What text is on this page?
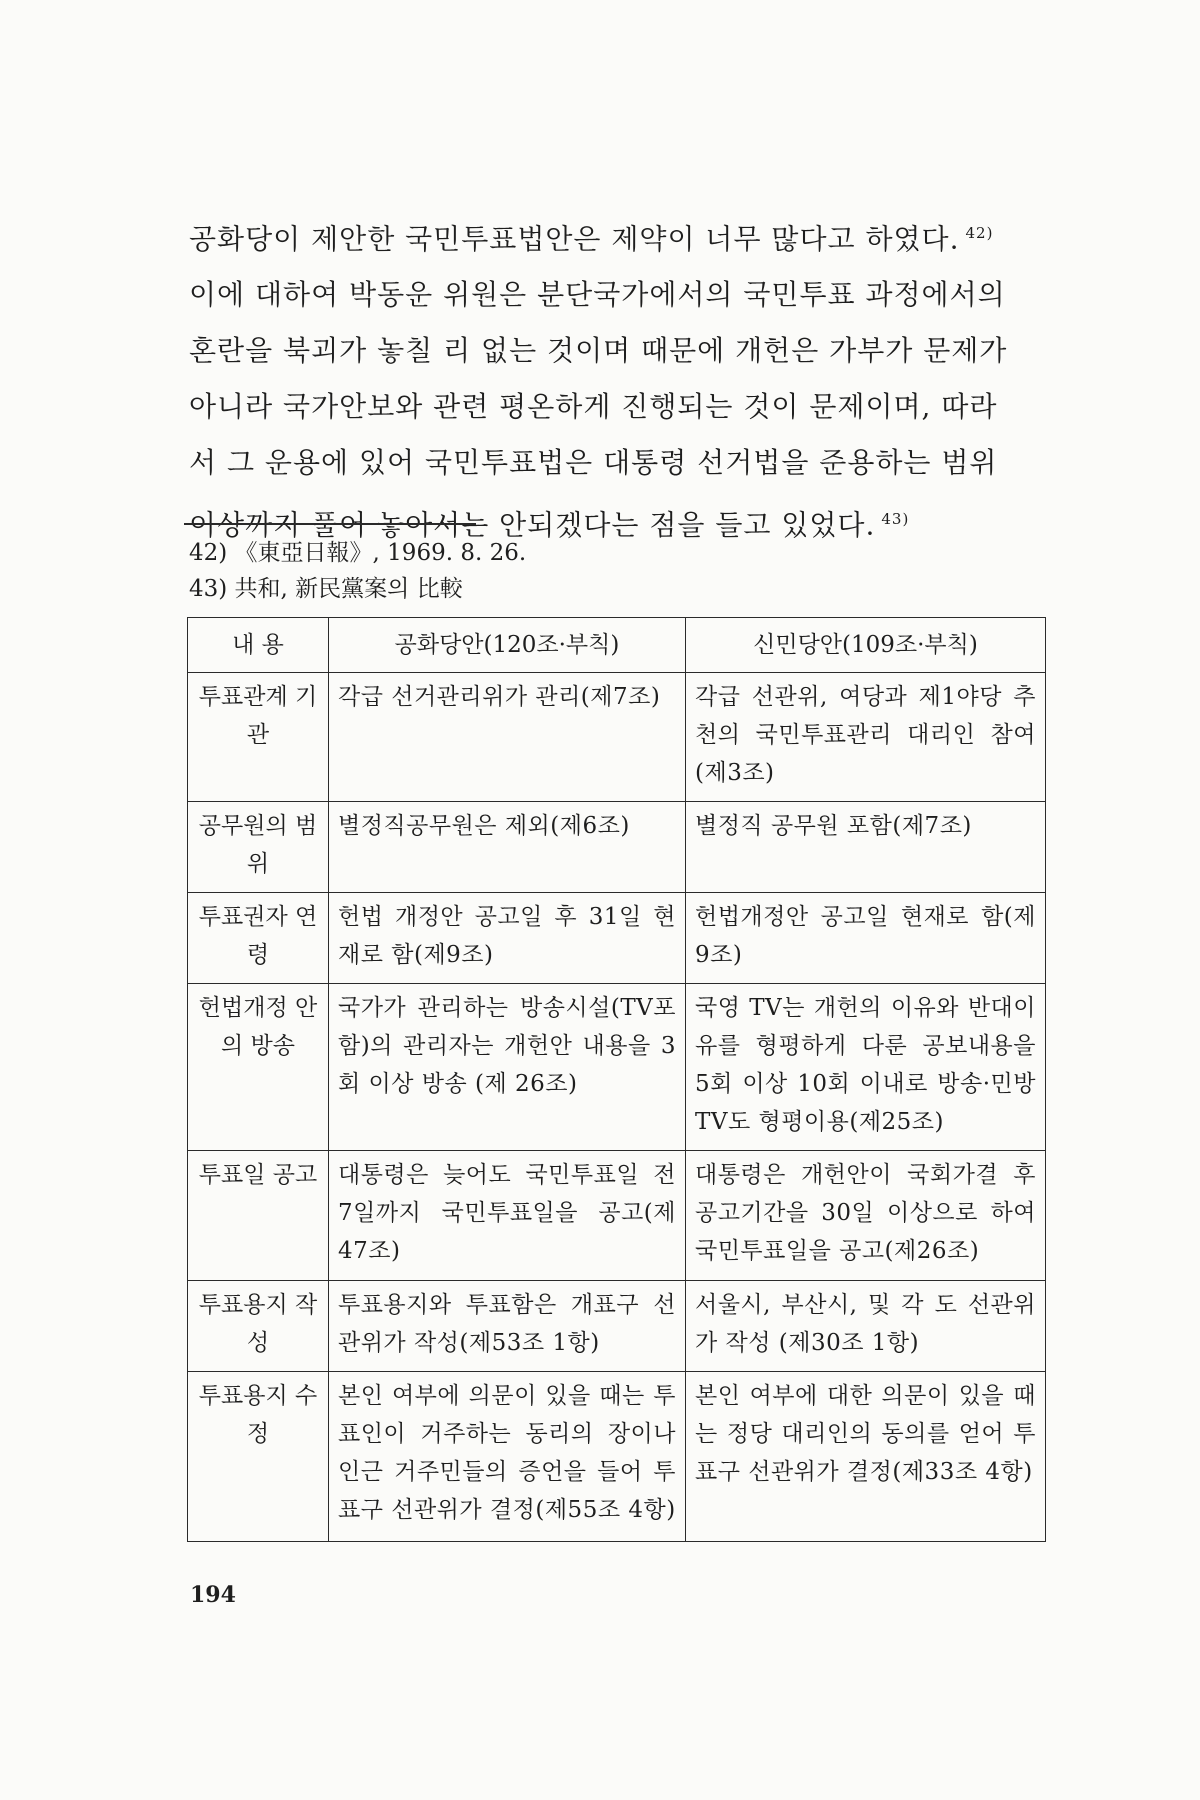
공화당이 제안한 국민투표법안은 제약이 너무 많다고 하였다. $^{42)}$

이에 대하여 박동운 위원은 분단국가에서의 국민투표 과정에서의

혼란을 북괴가 놓칠 리 없는 것이며 때문에 개헌은 가부가 문제가

아니라 국가안보와 관련 평온하게 진행되는 것이 문제이며, 따라

서 그 운용에 있어 국민투표법은 대통령 선거법을 준용하는 범위

이상까지 풀어 놓아서는 안되겠다는 점을 들고 있었다. $^{43)}$

42) 《東亞日報》, 1969. 8. 26.
43) 共和, 新民黨案의 比較
내 용	공화당안(120조·부칙)	신민당안(109조·부칙)
투표관계 기관	각급 선거관리위가 관리(제7조)	각급 선관위, 여당과 제1야당 추천의 국민투표관리 대리인 참여(제3조)
공무원의 범위	별정직공무원은 제외(제6조)	별정직 공무원 포함(제7조)
투표권자 연령	헌법 개정안 공고일 후 31일 현재로 함(제9조)	헌법개정안 공고일 현재로 함(제9조)
헌법개정 안의 방송	국가가 관리하는 방송시설(TV포함)의 관리자는 개헌안 내용을 3회 이상 방송 (제 26조)	국영 TV는 개헌의 이유와 반대이유를 형평하게 다룬 공보내용을 5회 이상 10회 이내로 방송·민방TV도 형평이용(제25조)
투표일 공고	대통령은 늦어도 국민투표일 전 7일까지 국민투표일을 공고(제47조)	대통령은 개헌안이 국회가결 후 공고기간을 30일 이상으로 하여 국민투표일을 공고(제26조)
투표용지 작성	투표용지와 투표함은 개표구 선관위가 작성(제53조 1항)	서울시, 부산시, 및 각 도 선관위가 작성 (제30조 1항)
투표용지 수정	본인 여부에 의문이 있을 때는 투표인이 거주하는 동리의 장이나 인근 거주민들의 증언을 들어 투표구 선관위가 결정(제55조 4항)	본인 여부에 대한 의문이 있을 때는 정당 대리인의 동의를 얻어 투표구 선관위가 결정(제33조 4항)
194
